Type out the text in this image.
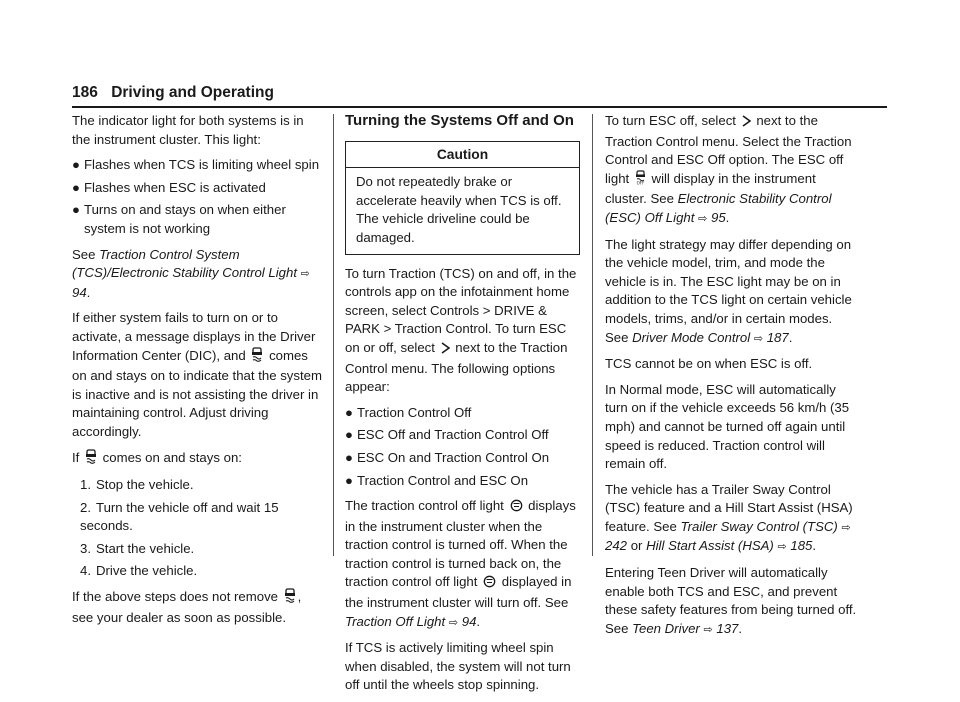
186 Driving and Operating

The indicator light for both systems is in the instrument cluster. This light:

● Flashes when TCS is limiting wheel spin
● Flashes when ESC is activated
● Turns on and stays on when either system is not working

See Traction Control System (TCS)/Electronic Stability Control Light ⇨ 94.

If either system fails to turn on or to activate, a message displays in the Driver Information Center (DIC), and comes on and stays on to indicate that the system is inactive and is not assisting the driver in maintaining control. Adjust driving accordingly.

If comes on and stays on:

1. Stop the vehicle.
2. Turn the vehicle off and wait 15 seconds.
3. Start the vehicle.
4. Drive the vehicle.

If the above steps does not remove , see your dealer as soon as possible.

Turning the Systems Off and On
Caution
Do not repeatedly brake or accelerate heavily when TCS is off. The vehicle driveline could be damaged.

To turn Traction (TCS) on and off, in the controls app on the infotainment home screen, select Controls > DRIVE & PARK > Traction Control. To turn ESC on or off, select next to the Traction Control menu. The following options appear:

● Traction Control Off
● ESC Off and Traction Control Off
● ESC On and Traction Control On
● Traction Control and ESC On

The traction control off light displays in the instrument cluster when the traction control is turned off. When the traction control is turned back on, the traction control off light displayed in the instrument cluster will turn off. See Traction Off Light ⇨ 94.

If TCS is actively limiting wheel spin when disabled, the system will not turn off until the wheels stop spinning.

To turn ESC off, select next to the Traction Control menu. Select the Traction Control and ESC Off option. The ESC off light OFF will display in the instrument cluster. See Electronic Stability Control (ESC) Off Light ⇨ 95.

The light strategy may differ depending on the vehicle model, trim, and mode the vehicle is in. The ESC light may be on in addition to the TCS light on certain vehicle models, trims, and/or in certain modes. See Driver Mode Control ⇨ 187.

TCS cannot be on when ESC is off.

In Normal mode, ESC will automatically turn on if the vehicle exceeds 56 km/h (35 mph) and cannot be turned off again until speed is reduced. Traction control will remain off.

The vehicle has a Trailer Sway Control (TSC) feature and a Hill Start Assist (HSA) feature. See Trailer Sway Control (TSC) ⇨ 242 or Hill Start Assist (HSA) ⇨ 185.

Entering Teen Driver will automatically enable both TCS and ESC, and prevent these safety features from being turned off. See Teen Driver ⇨ 137.
